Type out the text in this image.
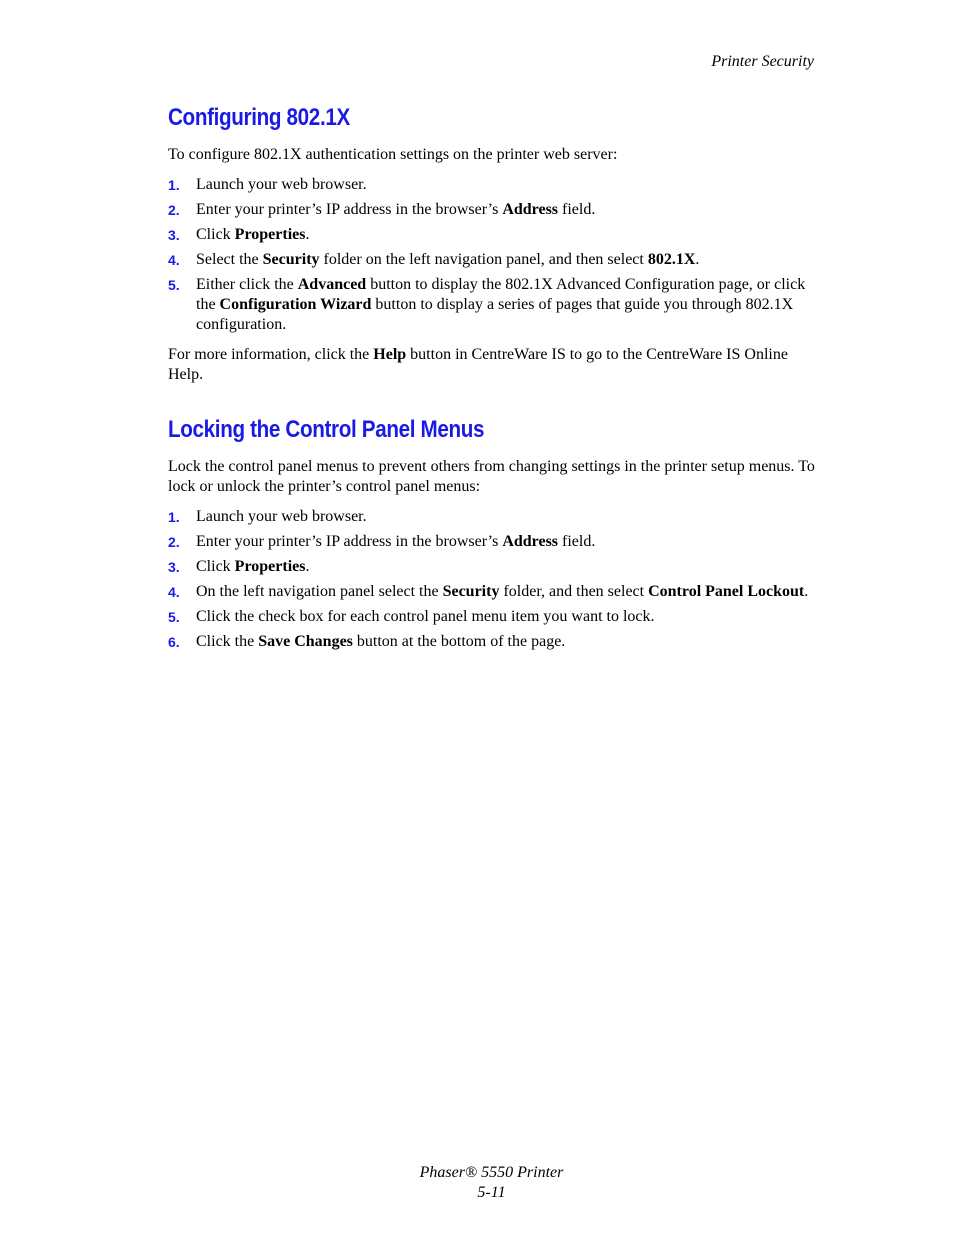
Printer Security
Configuring 802.1X

To configure 802.1X authentication settings on the printer web server:

1. Launch your web browser.
2. Enter your printer’s IP address in the browser’s Address field.
3. Click Properties.
4. Select the Security folder on the left navigation panel, and then select 802.1X.
5. Either click the Advanced button to display the 802.1X Advanced Configuration page, or click the Configuration Wizard button to display a series of pages that guide you through 802.1X configuration.

For more information, click the Help button in CentreWare IS to go to the CentreWare IS Online Help.

Locking the Control Panel Menus

Lock the control panel menus to prevent others from changing settings in the printer setup menus. To lock or unlock the printer’s control panel menus:

1. Launch your web browser.
2. Enter your printer’s IP address in the browser’s Address field.
3. Click Properties.
4. On the left navigation panel select the Security folder, and then select Control Panel Lockout.
5. Click the check box for each control panel menu item you want to lock.
6. Click the Save Changes button at the bottom of the page.
Phaser® 5550 Printer
5-11
